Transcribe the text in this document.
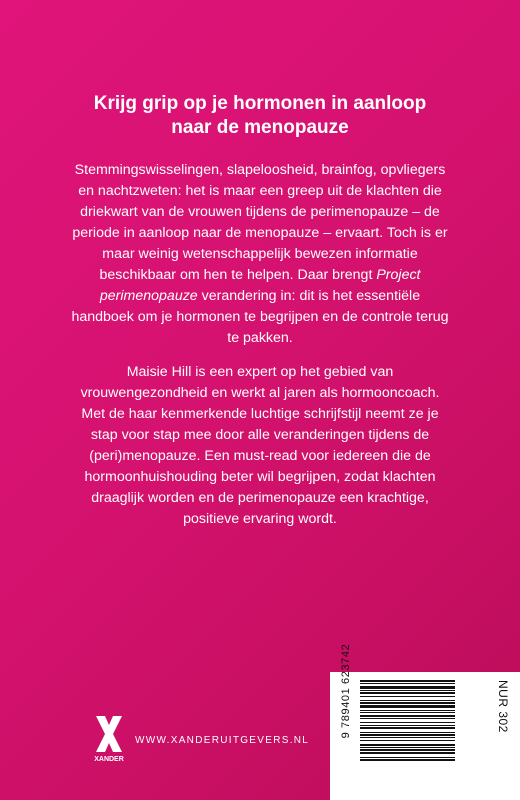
Krijg grip op je hormonen in aanloop
naar de menopauze

Stemmingswisselingen, slapeloosheid, brainfog, opvliegers en nachtzweten: het is maar een greep uit de klachten die driekwart van de vrouwen tijdens de perimenopauze – de periode in aanloop naar de menopauze – ervaart. Toch is er maar weinig wetenschappelijk bewezen informatie beschikbaar om hen te helpen. Daar brengt Project perimenopauze verandering in: dit is het essentiële handboek om je hormonen te begrijpen en de controle terug te pakken.

Maisie Hill is een expert op het gebied van vrouwengezondheid en werkt al jaren als hormooncoach. Met de haar kenmerkende luchtige schrijfstijl neemt ze je stap voor stap mee door alle veranderingen tijdens de (peri)menopauze. Een must-read voor iedereen die de hormoonhuishouding beter wil begrijpen, zodat klachten draaglijk worden en de perimenopauze een krachtige, positieve ervaring wordt.

XANDER
WWW.XANDERUITGEVERS.NL
9 789401 623742	NUR 302
